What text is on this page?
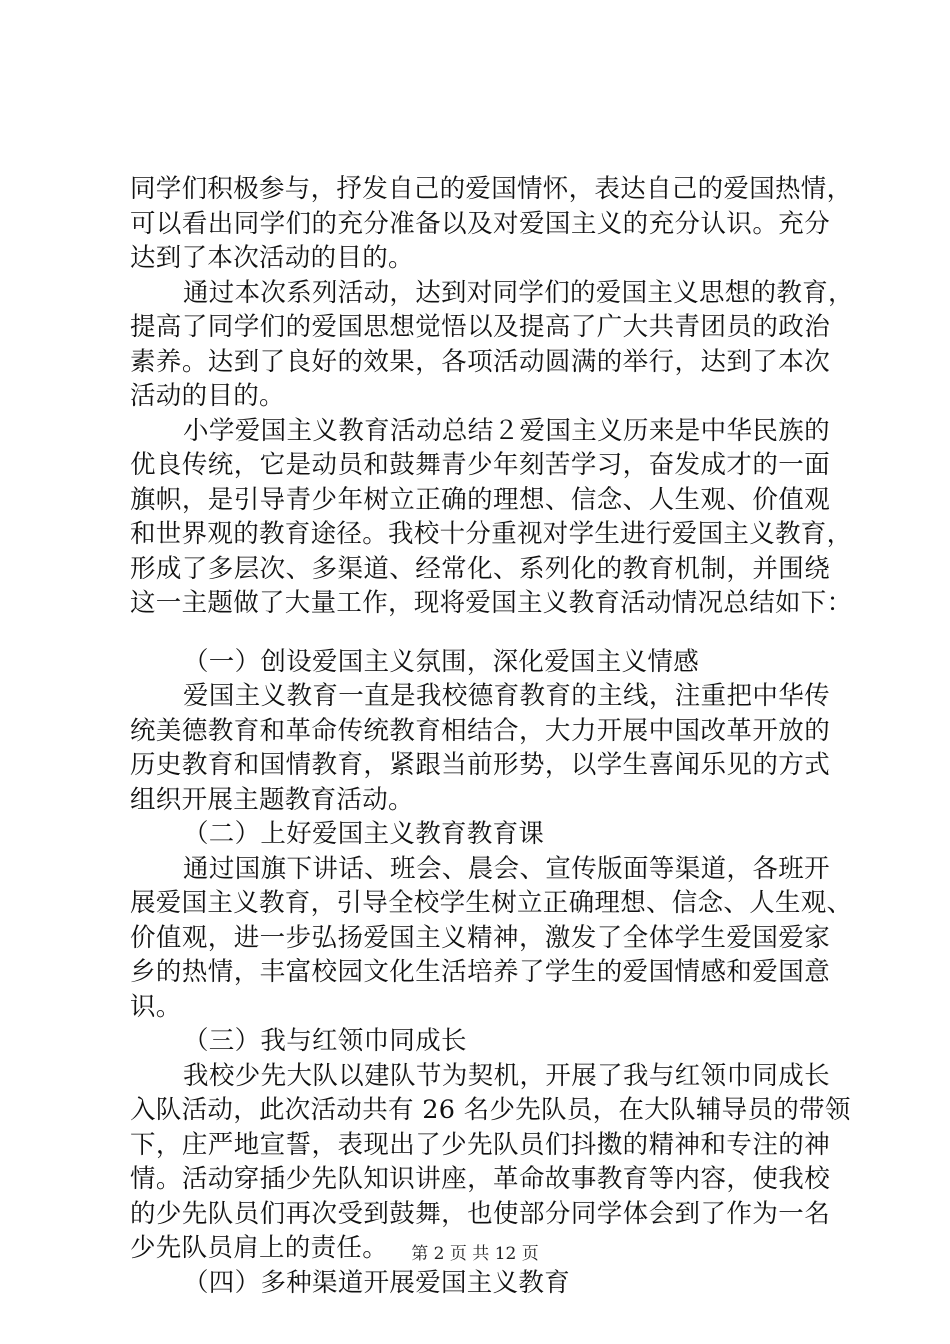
同学们积极参与，抒发自己的爱国情怀，表达自己的爱国热情，
可以看出同学们的充分准备以及对爱国主义的充分认识。充分
达到了本次活动的目的。
通过本次系列活动，达到对同学们的爱国主义思想的教育，
提高了同学们的爱国思想觉悟以及提高了广大共青团员的政治
素养。达到了良好的效果，各项活动圆满的举行，达到了本次
活动的目的。
小学爱国主义教育活动总结２爱国主义历来是中华民族的
优良传统，它是动员和鼓舞青少年刻苦学习，奋发成才的一面
旗帜，是引导青少年树立正确的理想、信念、人生观、价值观
和世界观的教育途径。我校十分重视对学生进行爱国主义教育，
形成了多层次、多渠道、经常化、系列化的教育机制，并围绕
这一主题做了大量工作，现将爱国主义教育活动情况总结如下：
（一）创设爱国主义氛围，深化爱国主义情感
爱国主义教育一直是我校德育教育的主线，注重把中华传
统美德教育和革命传统教育相结合，大力开展中国改革开放的
历史教育和国情教育，紧跟当前形势，以学生喜闻乐见的方式
组织开展主题教育活动。
（二）上好爱国主义教育教育课
通过国旗下讲话、班会、晨会、宣传版面等渠道，各班开
展爱国主义教育，引导全校学生树立正确理想、信念、人生观、
价值观，进一步弘扬爱国主义精神，激发了全体学生爱国爱家
乡的热情，丰富校园文化生活培养了学生的爱国情感和爱国意
识。
（三）我与红领巾同成长
我校少先大队以建队节为契机，开展了我与红领巾同成长
入队活动，此次活动共有 26 名少先队员，在大队辅导员的带领
下，庄严地宣誓，表现出了少先队员们抖擞的精神和专注的神
情。活动穿插少先队知识讲座，革命故事教育等内容，使我校
的少先队员们再次受到鼓舞，也使部分同学体会到了作为一名
少先队员肩上的责任。
（四）多种渠道开展爱国主义教育
第 2 页 共 12 页
